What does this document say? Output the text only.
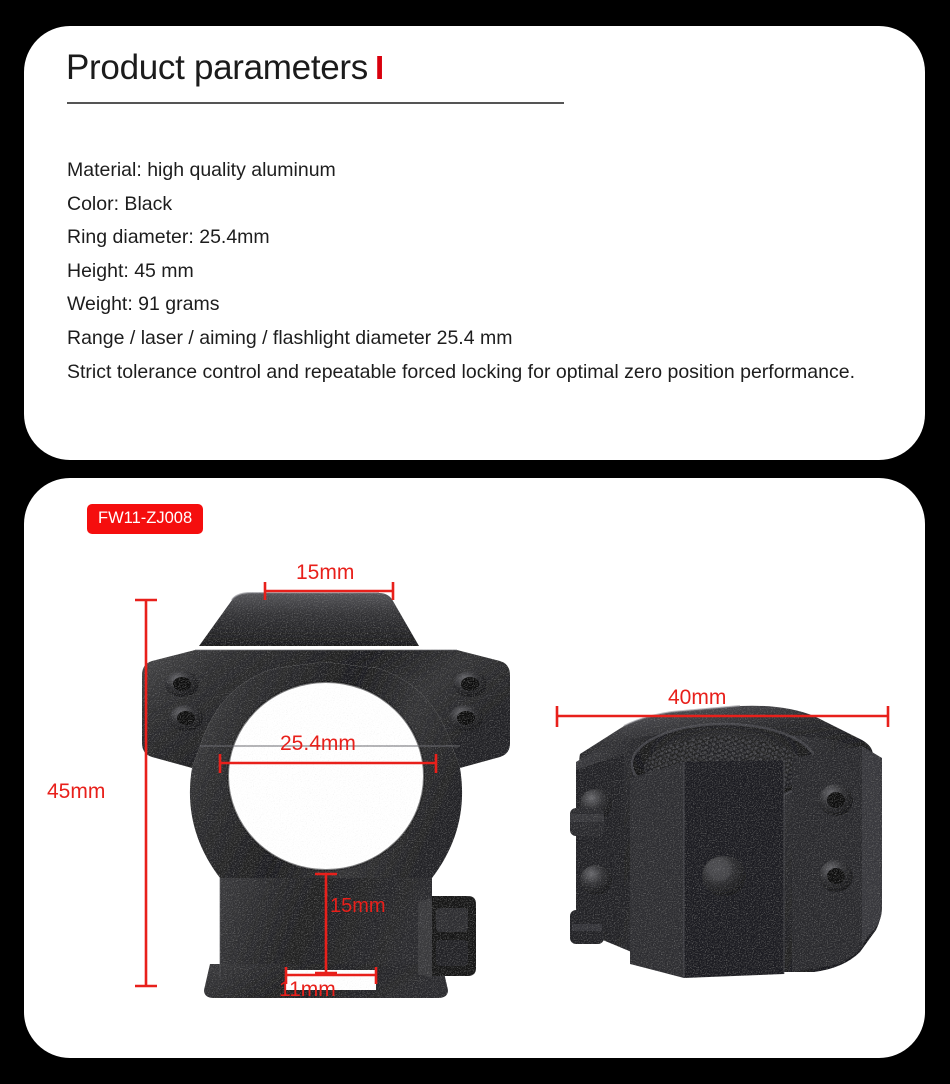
Product parameters I
Material: high quality aluminum
Color: Black
Ring diameter: 25.4mm
Height: 45 mm
Weight: 91 grams
Range / laser / aiming / flashlight diameter 25.4 mm
Strict tolerance control and repeatable forced locking for optimal zero position performance.
FW11-ZJ008
15mm
25.4mm
45mm
15mm
11mm
40mm
